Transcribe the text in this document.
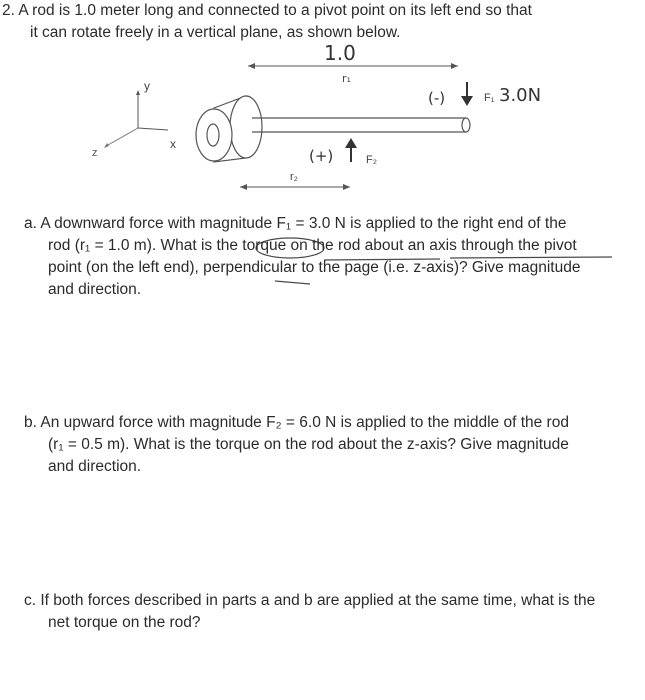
2. A rod is 1.0 meter long and connected to a pivot point on its left end so that
it can rotate freely in a vertical plane, as shown below.
1.0
r₁
y
x
z
(-)	F₁ 3.0N
(+)	F₂
r₂
a. A downward force with magnitude F₁ = 3.0 N is applied to the right end of the
rod (r₁ = 1.0 m). What is the torque on the rod about an axis through the pivot
point (on the left end), perpendicular to the page (i.e. z-axis)? Give magnitude
and direction.
b. An upward force with magnitude F₂ = 6.0 N is applied to the middle of the rod
(r₁ = 0.5 m). What is the torque on the rod about the z-axis? Give magnitude
and direction.
c. If both forces described in parts a and b are applied at the same time, what is the
net torque on the rod?
